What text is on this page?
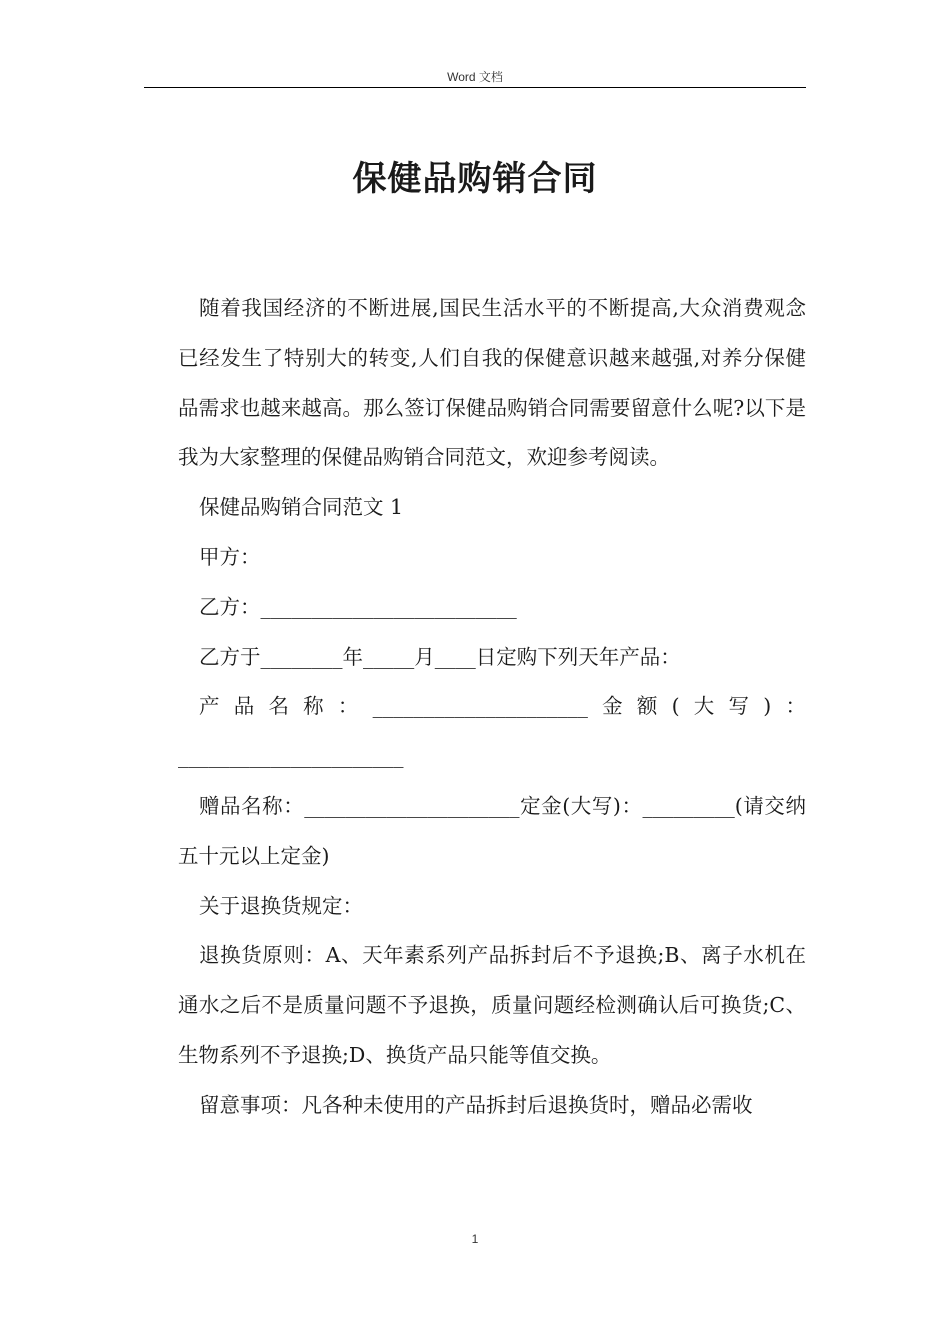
Word 文档
保健品购销合同

随着我国经济的不断进展,国民生活水平的不断提高,大众消费观念已经发生了特别大的转变,人们自我的保健意识越来越强,对养分保健品需求也越来越高。那么签订保健品购销合同需要留意什么呢?以下是我为大家整理的保健品购销合同范文，欢迎参考阅读。

保健品购销合同范文 1

甲方：

乙方：_________________________

乙方于________年_____月____日定购下列天年产品：

产品名称：_____________________金额(大写)：______________________

赠品名称：_____________________定金(大写)：_________(请交纳五十元以上定金)

关于退换货规定：

退换货原则：A、天年素系列产品拆封后不予退换;B、离子水机在通水之后不是质量问题不予退换，质量问题经检测确认后可换货;C、生物系列不予退换;D、换货产品只能等值交换。

留意事项：凡各种未使用的产品拆封后退换货时，赠品必需收

1
